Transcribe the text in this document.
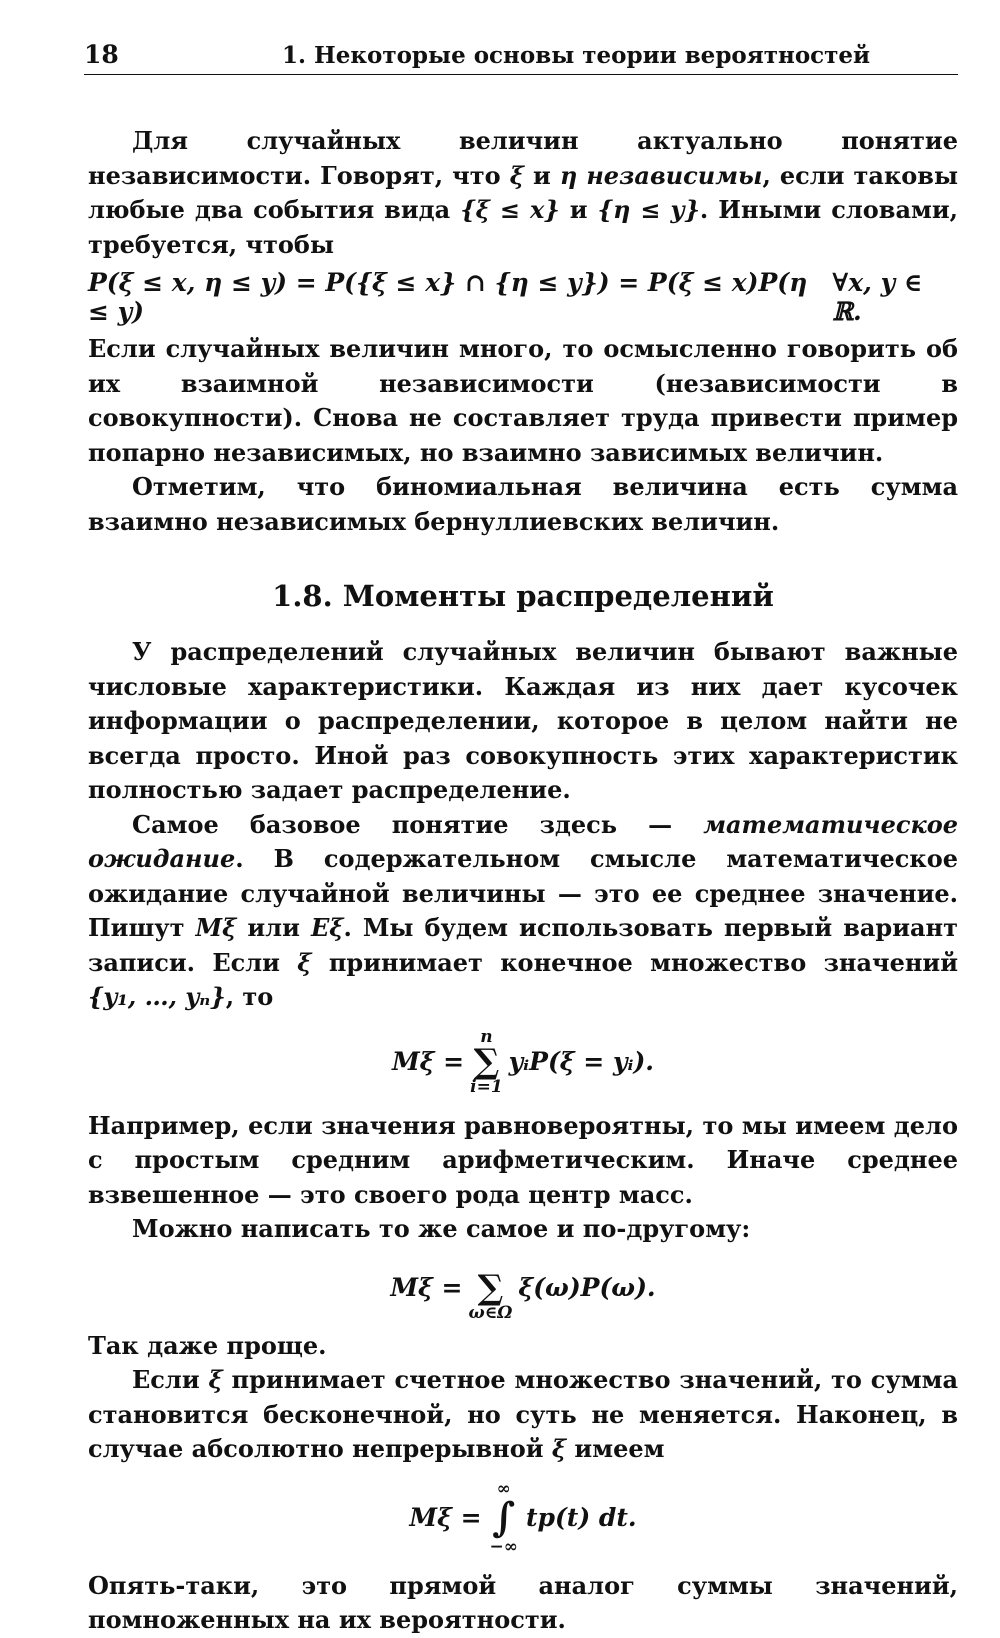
18	1. Некоторые основы теории вероятностей

Для случайных величин актуально понятие независимости. Говорят, что ξ и η независимы, если таковы любые два события вида {ξ ≤ x} и {η ≤ y}. Иными словами, требуется, чтобы

P(ξ ≤ x, η ≤ y) = P({ξ ≤ x} ∩ {η ≤ y}) = P(ξ ≤ x)P(η ≤ y)
∀x, y ∈ ℝ.

Если случайных величин много, то осмысленно говорить об их взаимной независимости (независимости в совокупности). Снова не составляет труда привести пример попарно независимых, но взаимно зависимых величин.

Отметим, что биномиальная величина есть сумма взаимно независимых бернуллиевских величин.

1.8. Моменты распределений

У распределений случайных величин бывают важные числовые характеристики. Каждая из них дает кусочек информации о распределении, которое в целом найти не всегда просто. Иной раз совокупность этих характеристик полностью задает распределение.

Самое базовое понятие здесь — математическое ожидание. В содержательном смысле математическое ожидание случайной величины — это ее среднее значение. Пишут Mξ или Eξ. Мы будем использовать первый вариант записи. Если ξ принимает конечное множество значений {y₁, …, yₙ}, то

Mξ =
n
∑
i=1
yᵢP(ξ = yᵢ).

Например, если значения равновероятны, то мы имеем дело с простым средним арифметическим. Иначе среднее взвешенное — это своего рода центр масс.

Можно написать то же самое и по-другому:

Mξ = ∑
ω∈Ω
ξ(ω)P(ω).

Так даже проще.

Если ξ принимает счетное множество значений, то сумма становится бесконечной, но суть не меняется. Наконец, в случае абсолютно непрерывной ξ имеем

Mξ =
∞
∫
−∞
tp(t) dt.

Опять-таки, это прямой аналог суммы значений, помноженных на их вероятности.
